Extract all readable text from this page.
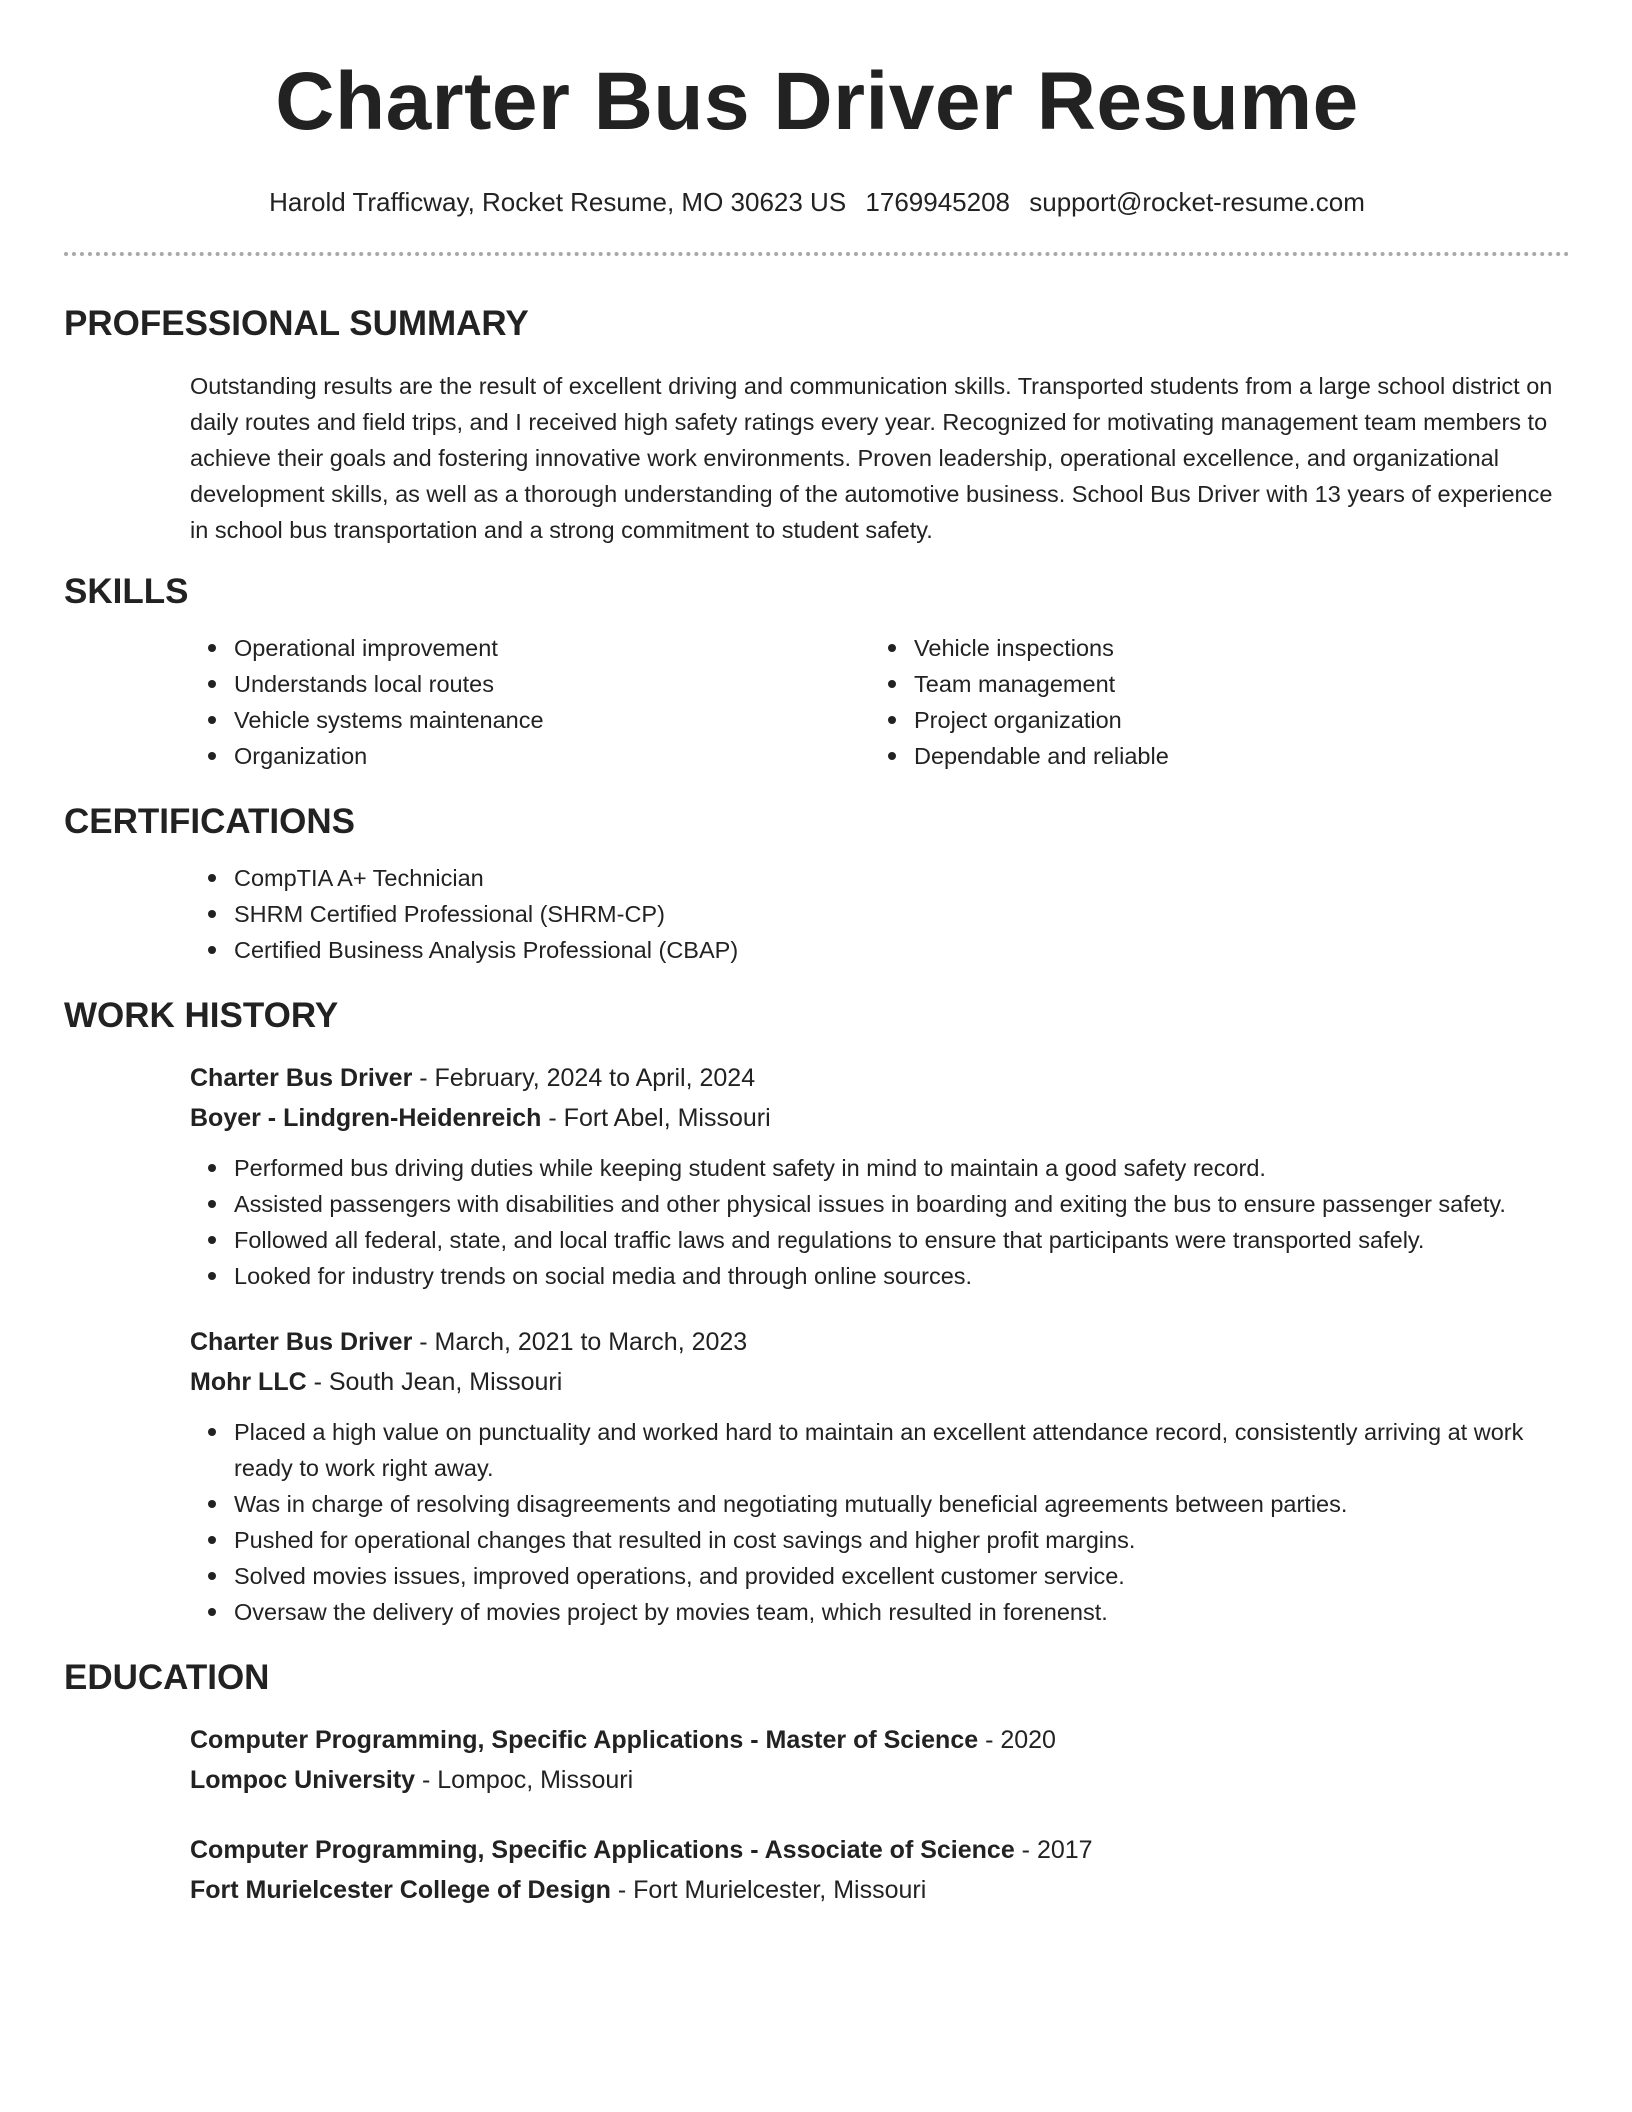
Charter Bus Driver Resume
Harold Trafficway, Rocket Resume, MO 30623 US 1769945208 support@rocket-resume.com
PROFESSIONAL SUMMARY

Outstanding results are the result of excellent driving and communication skills. Transported students from a large school district on daily routes and field trips, and I received high safety ratings every year. Recognized for motivating management team members to achieve their goals and fostering innovative work environments. Proven leadership, operational excellence, and organizational development skills, as well as a thorough understanding of the automotive business. School Bus Driver with 13 years of experience in school bus transportation and a strong commitment to student safety.

SKILLS
Operational improvement
Understands local routes
Vehicle systems maintenance
Organization
Vehicle inspections
Team management
Project organization
Dependable and reliable
CERTIFICATIONS
CompTIA A+ Technician
SHRM Certified Professional (SHRM-CP)
Certified Business Analysis Professional (CBAP)
WORK HISTORY
Charter Bus Driver - February, 2024 to April, 2024
Boyer - Lindgren-Heidenreich - Fort Abel, Missouri
Performed bus driving duties while keeping student safety in mind to maintain a good safety record.
Assisted passengers with disabilities and other physical issues in boarding and exiting the bus to ensure passenger safety.
Followed all federal, state, and local traffic laws and regulations to ensure that participants were transported safely.
Looked for industry trends on social media and through online sources.
Charter Bus Driver - March, 2021 to March, 2023
Mohr LLC - South Jean, Missouri
Placed a high value on punctuality and worked hard to maintain an excellent attendance record, consistently arriving at work ready to work right away.
Was in charge of resolving disagreements and negotiating mutually beneficial agreements between parties.
Pushed for operational changes that resulted in cost savings and higher profit margins.
Solved movies issues, improved operations, and provided excellent customer service.
Oversaw the delivery of movies project by movies team, which resulted in forenenst.
EDUCATION
Computer Programming, Specific Applications - Master of Science - 2020
Lompoc University - Lompoc, Missouri
Computer Programming, Specific Applications - Associate of Science - 2017
Fort Murielcester College of Design - Fort Murielcester, Missouri
